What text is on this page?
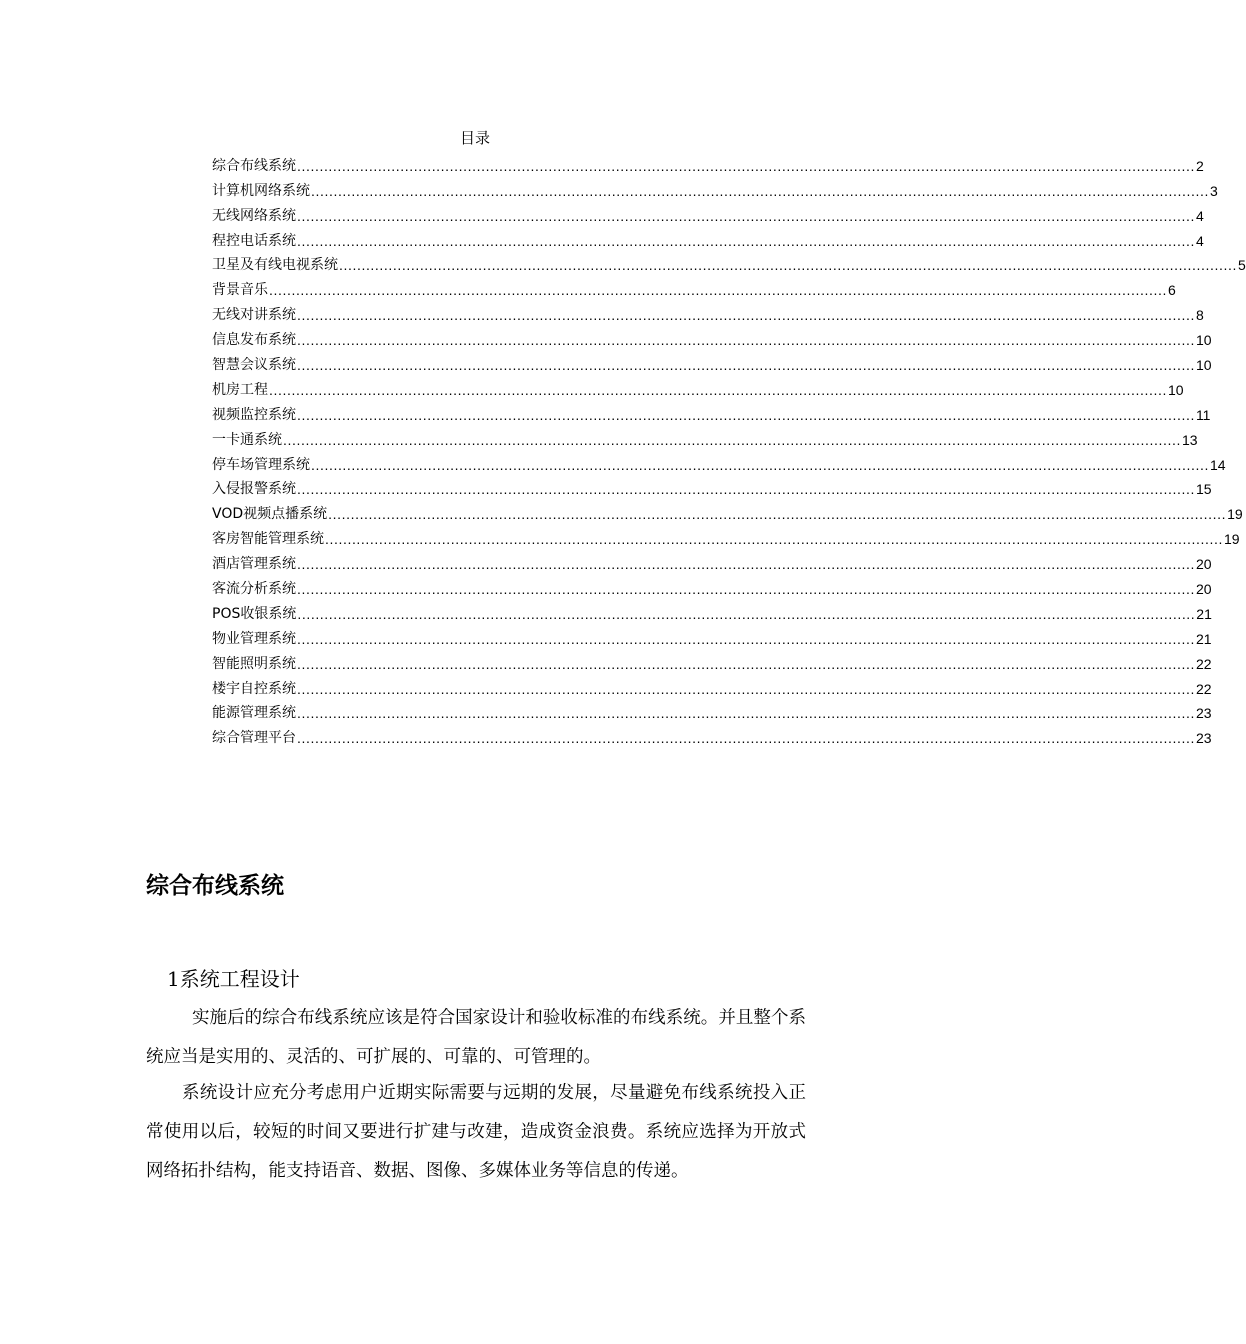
目录
综合布线系统 ........................................................................................................................................................................................................ 2
计算机网络系统 ........................................................................................................................................................................................................ 3
无线网络系统 ........................................................................................................................................................................................................ 4
程控电话系统 ........................................................................................................................................................................................................ 4
卫星及有线电视系统 ........................................................................................................................................................................................................ 5
背景音乐 ........................................................................................................................................................................................................ 6
无线对讲系统 ........................................................................................................................................................................................................ 8
信息发布系统 ........................................................................................................................................................................................................ 10
智慧会议系统 ........................................................................................................................................................................................................ 10
机房工程 ........................................................................................................................................................................................................ 10
视频监控系统 ........................................................................................................................................................................................................ 11
一卡通系统 ........................................................................................................................................................................................................ 13
停车场管理系统 ........................................................................................................................................................................................................ 14
入侵报警系统 ........................................................................................................................................................................................................ 15
VOD视频点播系统 ........................................................................................................................................................................................................ 19
客房智能管理系统 ........................................................................................................................................................................................................ 19
酒店管理系统 ........................................................................................................................................................................................................ 20
客流分析系统 ........................................................................................................................................................................................................ 20
POS收银系统 ........................................................................................................................................................................................................ 21
物业管理系统 ........................................................................................................................................................................................................ 21
智能照明系统 ........................................................................................................................................................................................................ 22
楼宇自控系统 ........................................................................................................................................................................................................ 22
能源管理系统 ........................................................................................................................................................................................................ 23
综合管理平台 ........................................................................................................................................................................................................ 23
综合布线系统
1系统工程设计
实施后的综合布线系统应该是符合国家设计和验收标准的布线系统。并且整个系统应当是实用的、灵活的、可扩展的、可靠的、可管理的。
系统设计应充分考虑用户近期实际需要与远期的发展，尽量避免布线系统投入正常使用以后，较短的时间又要进行扩建与改建，造成资金浪费。系统应选择为开放式网络拓扑结构，能支持语音、数据、图像、多媒体业务等信息的传递。
